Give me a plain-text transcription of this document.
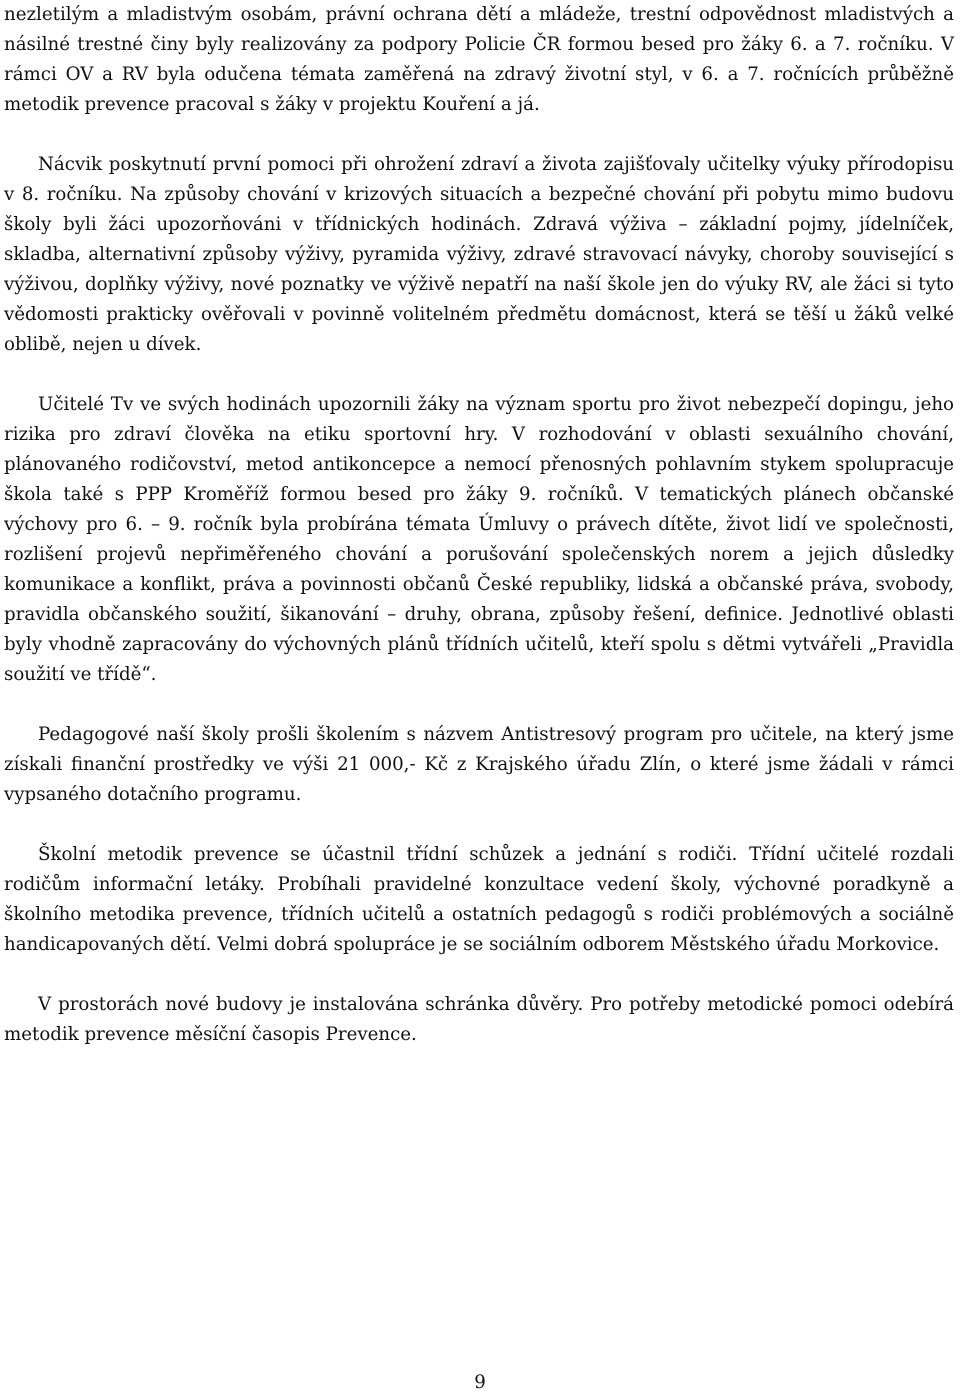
nezletilým a mladistvým osobám, právní ochrana dětí a mládeže, trestní odpovědnost mladistvých a násilné trestné činy byly realizovány za podpory Policie ČR formou besed pro žáky 6. a 7. ročníku. V rámci OV a RV byla odučena témata zaměřená na zdravý životní styl, v 6. a 7. ročnících průběžně metodik prevence pracoval s žáky v projektu Kouření a já.

Nácvik poskytnutí první pomoci při ohrožení zdraví a života zajišťovaly učitelky výuky přírodopisu v 8. ročníku. Na způsoby chování v krizových situacích a bezpečné chování při pobytu mimo budovu školy byli žáci upozorňováni v třídnických hodinách. Zdravá výživa – základní pojmy, jídelníček, skladba, alternativní způsoby výživy, pyramida výživy, zdravé stravovací návyky, choroby související s výživou, doplňky výživy, nové poznatky ve výživě nepatří na naší škole jen do výuky RV, ale žáci si tyto vědomosti prakticky ověřovali v povinně volitelném předmětu domácnost, která se těší u žáků velké oblibě, nejen u dívek.

Učitelé Tv ve svých hodinách upozornili žáky na význam sportu pro život nebezpečí dopingu, jeho rizika pro zdraví člověka na etiku sportovní hry. V rozhodování v oblasti sexuálního chování, plánovaného rodičovství, metod antikoncepce a nemocí přenosných pohlavním stykem spolupracuje škola také s PPP Kroměříž formou besed pro žáky 9. ročníků. V tematických plánech občanské výchovy pro 6. – 9. ročník byla probírána témata Úmluvy o právech dítěte, život lidí ve společnosti, rozlišení projevů nepřiměřeného chování a porušování společenských norem a jejich důsledky komunikace a konflikt, práva a povinnosti občanů České republiky, lidská a občanské práva, svobody, pravidla občanského soužití, šikanování – druhy, obrana, způsoby řešení, definice. Jednotlivé oblasti byly vhodně zapracovány do výchovných plánů třídních učitelů, kteří spolu s dětmi vytvářeli „Pravidla soužití ve třídě“.

Pedagogové naší školy prošli školením s názvem Antistresový program pro učitele, na který jsme získali finanční prostředky ve výši 21 000,- Kč z Krajského úřadu Zlín, o které jsme žádali v rámci vypsaného dotačního programu.

Školní metodik prevence se účastnil třídní schůzek a jednání s rodiči. Třídní učitelé rozdali rodičům informační letáky. Probíhali pravidelné konzultace vedení školy, výchovné poradkyně a školního metodika prevence, třídních učitelů a ostatních pedagogů s rodiči problémových a sociálně handicapovaných dětí. Velmi dobrá spolupráce je se sociálním odborem Městského úřadu Morkovice.

V prostorách nové budovy je instalována schránka důvěry. Pro potřeby metodické pomoci odebírá metodik prevence měsíční časopis Prevence.

9
